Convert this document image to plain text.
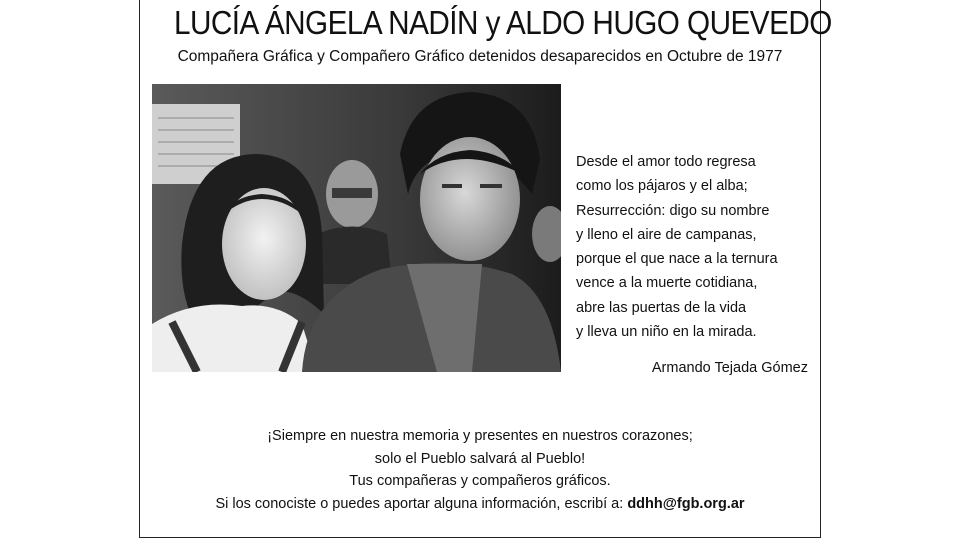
LUCÍA ÁNGELA NADÍN y ALDO HUGO QUEVEDO
Compañera Gráfica y Compañero Gráfico detenidos desaparecidos en Octubre de 1977
Desde el amor todo regresa
como los pájaros y el alba;
Resurrección: digo su nombre
y lleno el aire de campanas,
porque el que nace a la ternura
vence a la muerte cotidiana,
abre las puertas de la vida
y lleva un niño en la mirada.
Armando Tejada Gómez
¡Siempre en nuestra memoria y presentes en nuestros corazones;
solo el Pueblo salvará al Pueblo!
Tus compañeras y compañeros gráficos.
Si los conociste o puedes aportar alguna información, escribí a: ddhh@fgb.org.ar
